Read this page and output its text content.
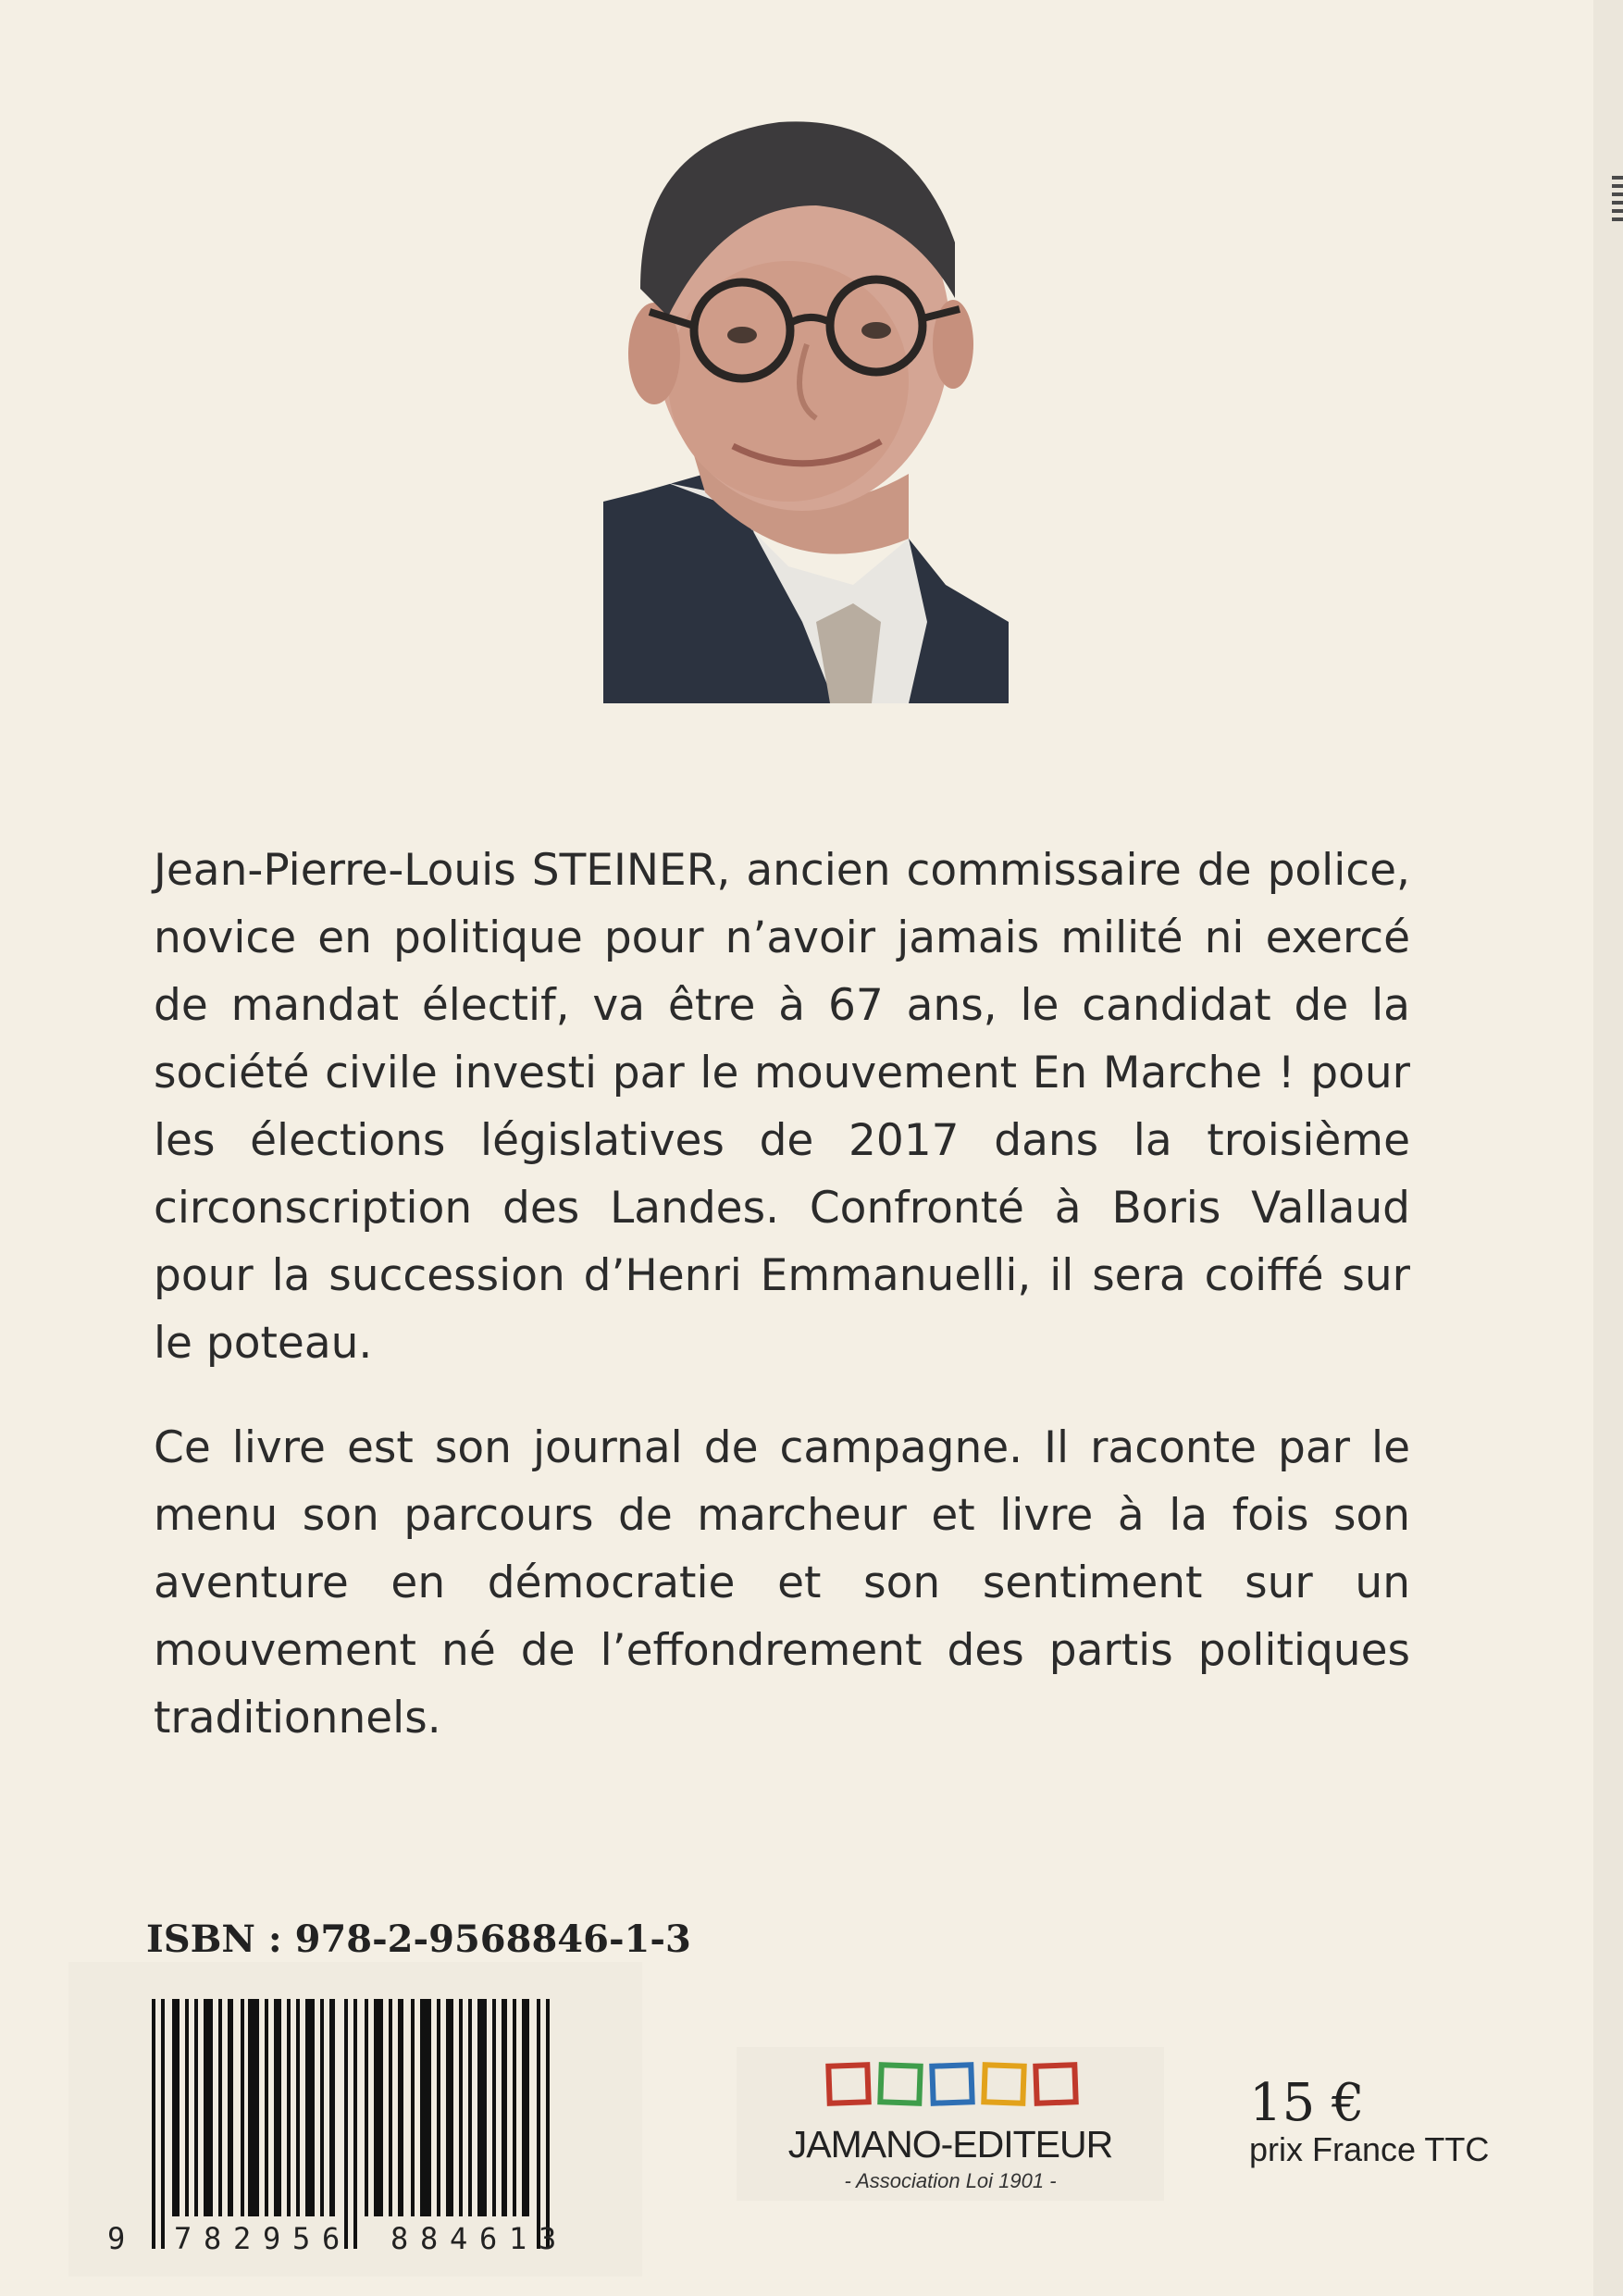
Jean-Pierre-Louis STEINER, ancien commissaire de police, novice en politique pour n’avoir jamais milité ni exercé de mandat électif, va être à 67 ans, le candidat de la société civile investi par le mouvement En Marche ! pour les élections législatives de 2017 dans la troisième circonscription des Landes. Confronté à Boris Vallaud pour la succession d’Henri Emmanuelli, il sera coiffé sur le poteau.

Ce livre est son journal de campagne. Il raconte par le menu son parcours de marcheur et livre à la fois son aventure en démocratie et son sentiment sur un mouvement né de l’effondrement des partis politiques traditionnels.

ISBN : 978-2-9568846-1-3
9 7 8 2 9 5 6 8 8 4 6 1 3
JAMANO-EDITEUR
- Association Loi 1901 -
15 €
prix France TTC
